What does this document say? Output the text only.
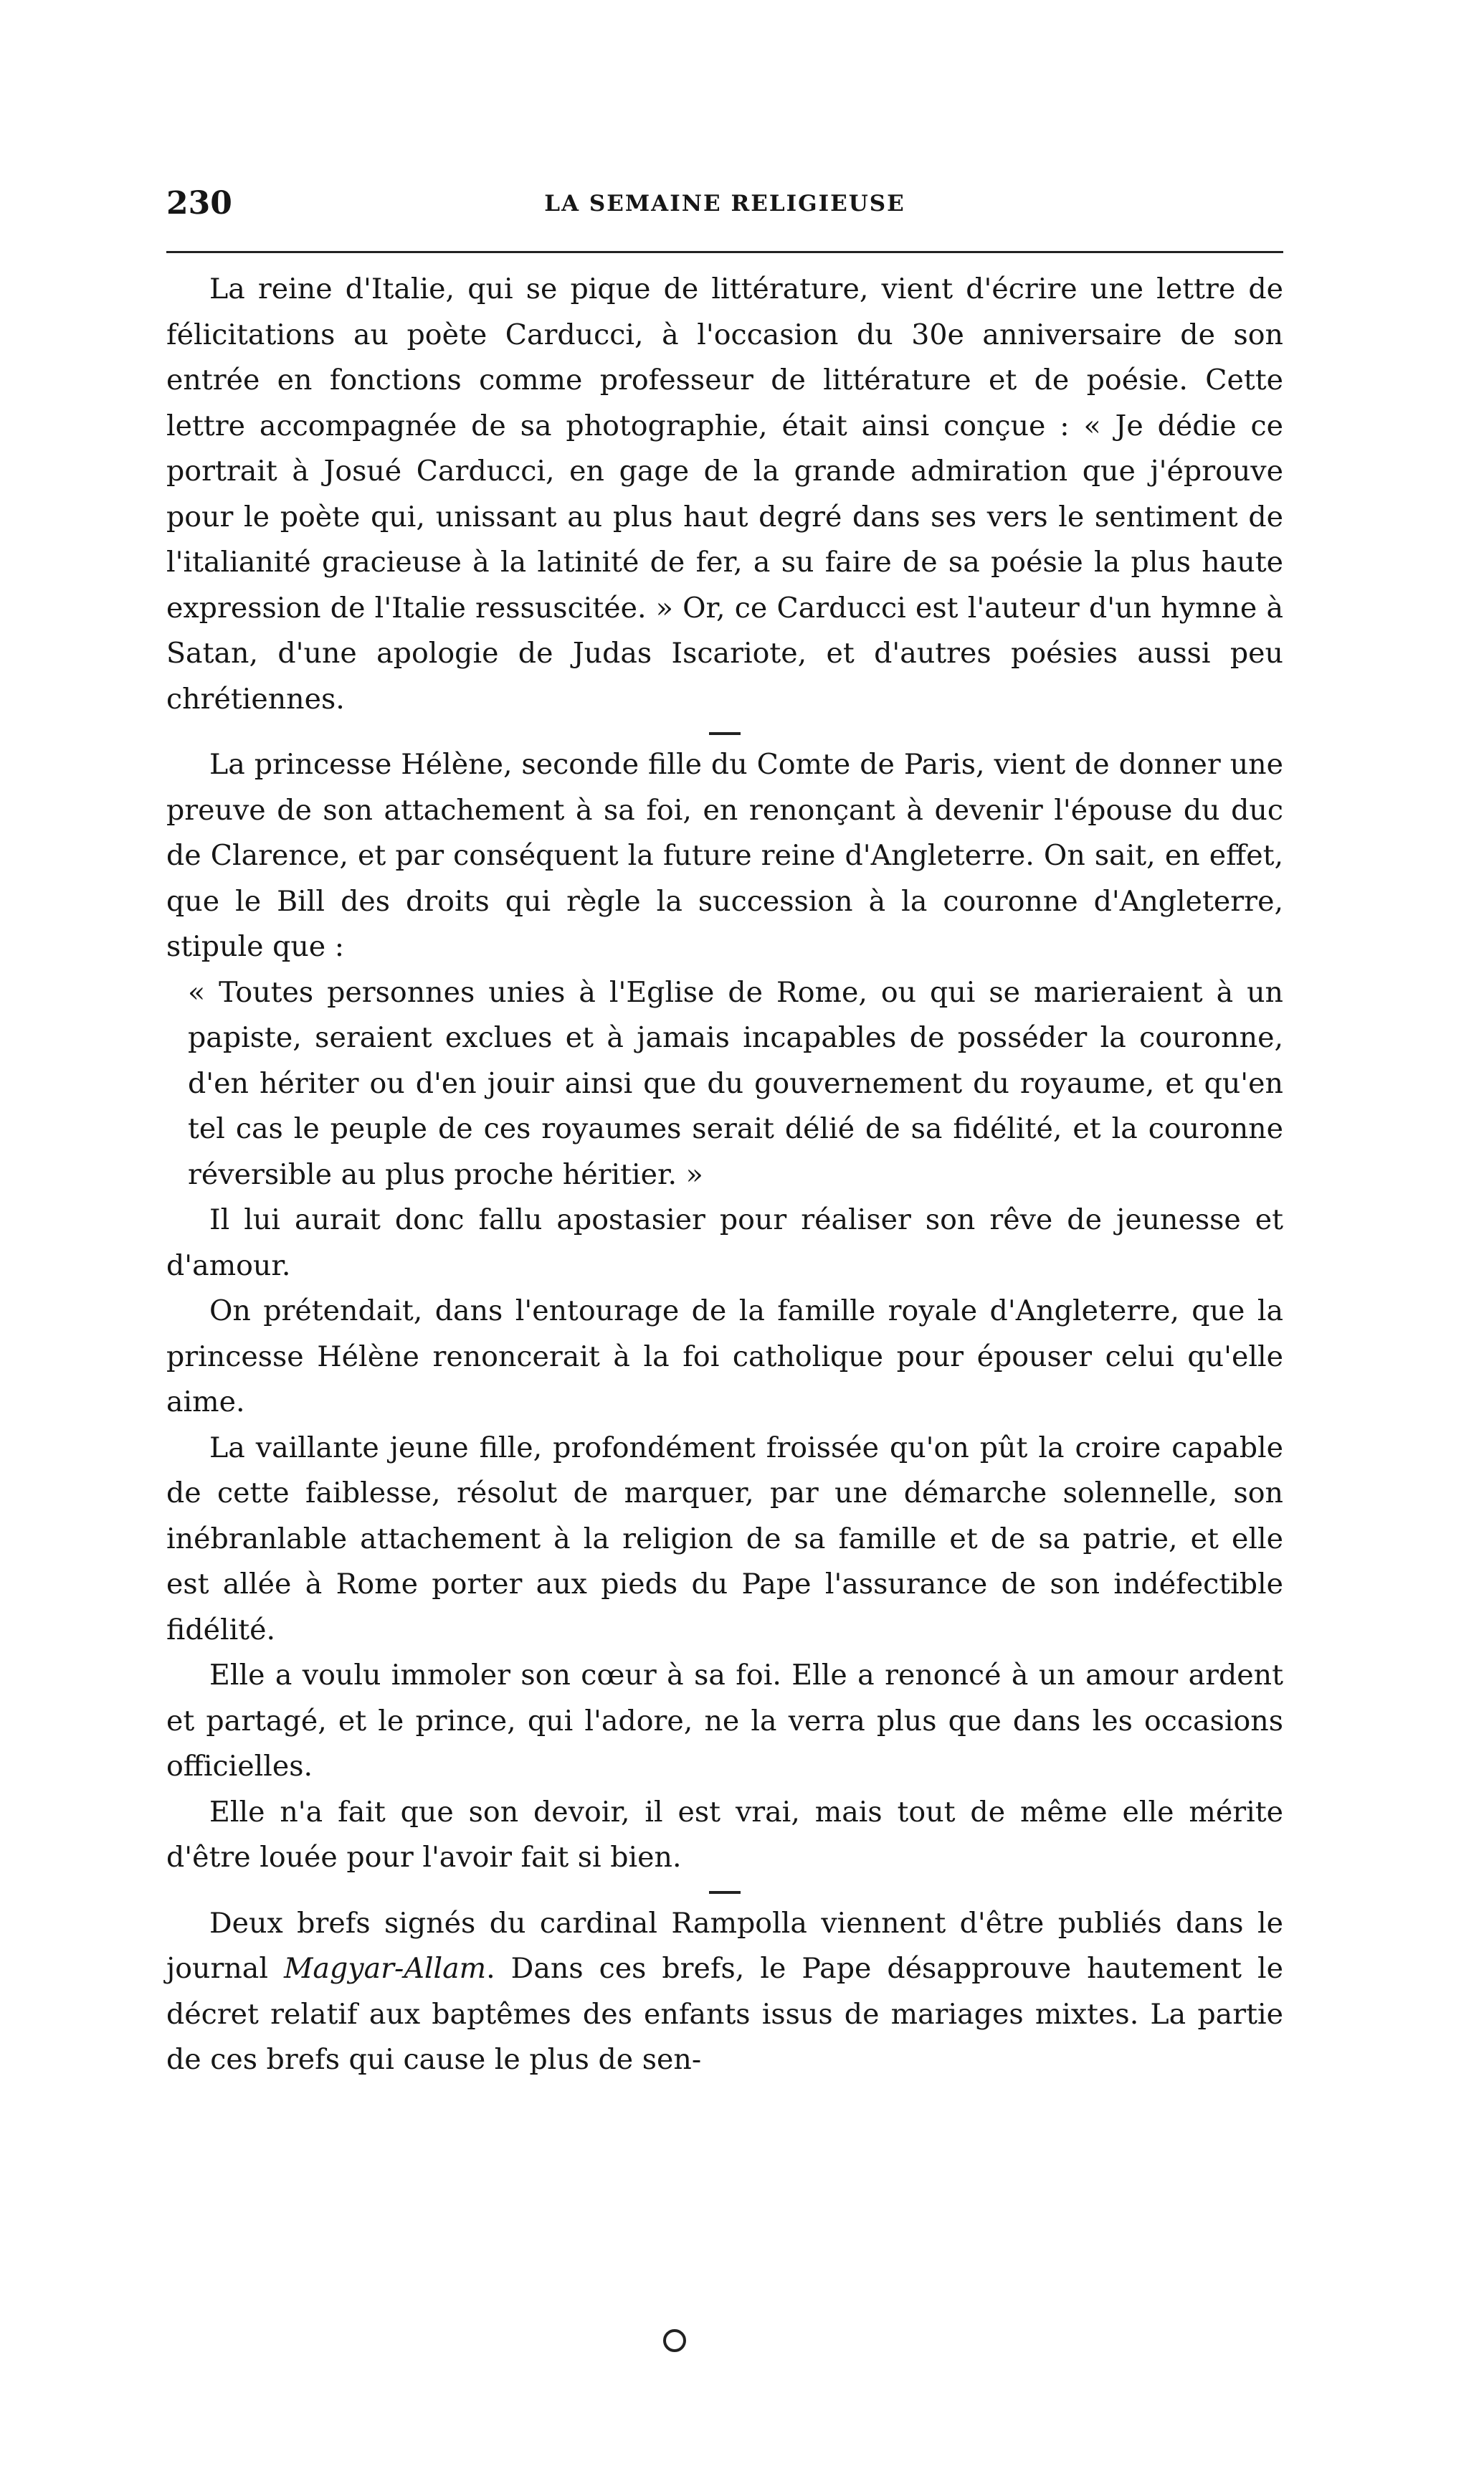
230	LA SEMAINE RELIGIEUSE

La reine d'Italie, qui se pique de littérature, vient d'écrire une lettre de félicitations au poète Carducci, à l'occasion du 30e anniversaire de son entrée en fonctions comme professeur de littérature et de poésie. Cette lettre accompagnée de sa photographie, était ainsi conçue : « Je dédie ce portrait à Josué Carducci, en gage de la grande admiration que j'éprouve pour le poète qui, unissant au plus haut degré dans ses vers le sentiment de l'italianité gracieuse à la latinité de fer, a su faire de sa poésie la plus haute expression de l'Italie ressuscitée. » Or, ce Carducci est l'auteur d'un hymne à Satan, d'une apologie de Judas Iscariote, et d'autres poésies aussi peu chrétiennes.

La princesse Hélène, seconde fille du Comte de Paris, vient de donner une preuve de son attachement à sa foi, en renonçant à devenir l'épouse du duc de Clarence, et par conséquent la future reine d'Angleterre. On sait, en effet, que le Bill des droits qui règle la succession à la couronne d'Angleterre, stipule que :

« Toutes personnes unies à l'Eglise de Rome, ou qui se marieraient à un papiste, seraient exclues et à jamais incapables de posséder la couronne, d'en hériter ou d'en jouir ainsi que du gouvernement du royaume, et qu'en tel cas le peuple de ces royaumes serait délié de sa fidélité, et la couronne réversible au plus proche héritier. »

Il lui aurait donc fallu apostasier pour réaliser son rêve de jeunesse et d'amour.

On prétendait, dans l'entourage de la famille royale d'Angleterre, que la princesse Hélène renoncerait à la foi catholique pour épouser celui qu'elle aime.

La vaillante jeune fille, profondément froissée qu'on pût la croire capable de cette faiblesse, résolut de marquer, par une démarche solennelle, son inébranlable attachement à la religion de sa famille et de sa patrie, et elle est allée à Rome porter aux pieds du Pape l'assurance de son indéfectible fidélité.

Elle a voulu immoler son cœur à sa foi. Elle a renoncé à un amour ardent et partagé, et le prince, qui l'adore, ne la verra plus que dans les occasions officielles.

Elle n'a fait que son devoir, il est vrai, mais tout de même elle mérite d'être louée pour l'avoir fait si bien.

Deux brefs signés du cardinal Rampolla viennent d'être publiés dans le journal Magyar-Allam. Dans ces brefs, le Pape désapprouve hautement le décret relatif aux baptêmes des enfants issus de mariages mixtes. La partie de ces brefs qui cause le plus de sen-
